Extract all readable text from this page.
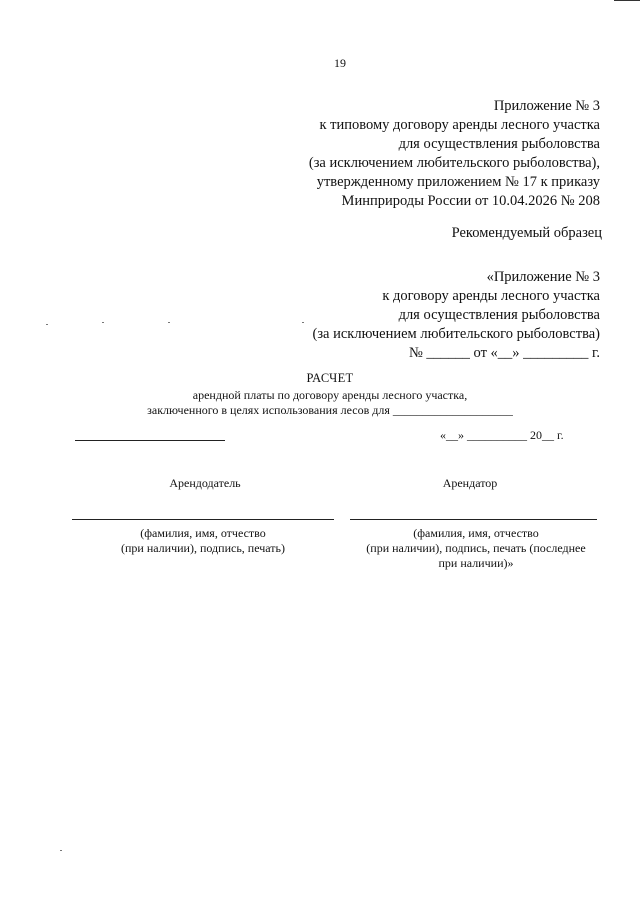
19
Приложение № 3
к типовому договору аренды лесного участка
для осуществления рыболовства
(за исключением любительского рыболовства),
утвержденному приложением № 17 к приказу
Минприроды России от 10.04.2026 № 208
Рекомендуемый образец
«Приложение № 3
к договору аренды лесного участка
для осуществления рыболовства
(за исключением любительского рыболовства)
№ ______ от «__» _________ г.
РАСЧЕТ
арендной платы по договору аренды лесного участка,
заключенного в целях использования лесов для ____________________
«__» __________ 20__ г.
Арендодатель	Арендатор
(фамилия, имя, отчество
(при наличии), подпись, печать)
(фамилия, имя, отчество
(при наличии), подпись, печать (последнее
при наличии)»
